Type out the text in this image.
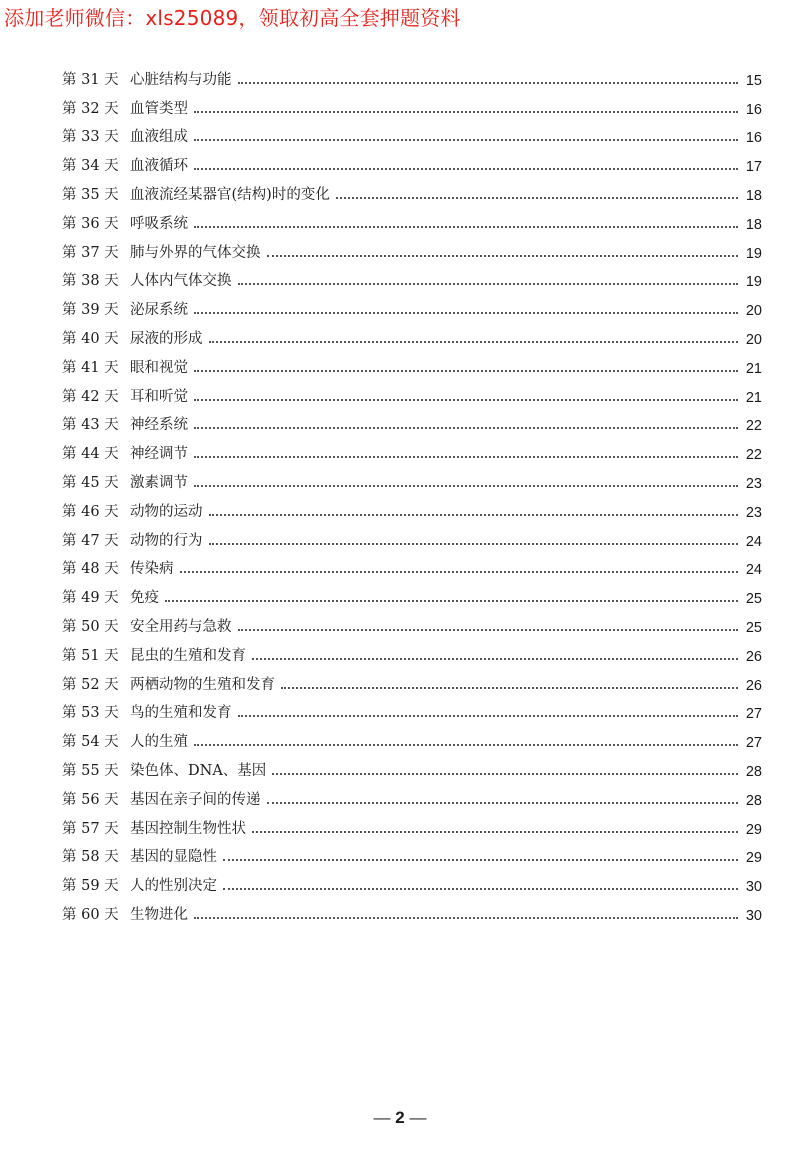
添加老师微信：xls25089，领取初高全套押题资料
第 31 天 心脏结构与功能	15
第 32 天 血管类型	16
第 33 天 血液组成	16
第 34 天 血液循环	17
第 35 天 血液流经某器官(结构)时的变化	18
第 36 天 呼吸系统	18
第 37 天 肺与外界的气体交换	19
第 38 天 人体内气体交换	19
第 39 天 泌尿系统	20
第 40 天 尿液的形成	20
第 41 天 眼和视觉	21
第 42 天 耳和听觉	21
第 43 天 神经系统	22
第 44 天 神经调节	22
第 45 天 激素调节	23
第 46 天 动物的运动	23
第 47 天 动物的行为	24
第 48 天 传染病	24
第 49 天 免疫	25
第 50 天 安全用药与急救	25
第 51 天 昆虫的生殖和发育	26
第 52 天 两栖动物的生殖和发育	26
第 53 天 鸟的生殖和发育	27
第 54 天 人的生殖	27
第 55 天 染色体、DNA、基因	28
第 56 天 基因在亲子间的传递	28
第 57 天 基因控制生物性状	29
第 58 天 基因的显隐性	29
第 59 天 人的性别决定	30
第 60 天 生物进化	30
— 2 —
